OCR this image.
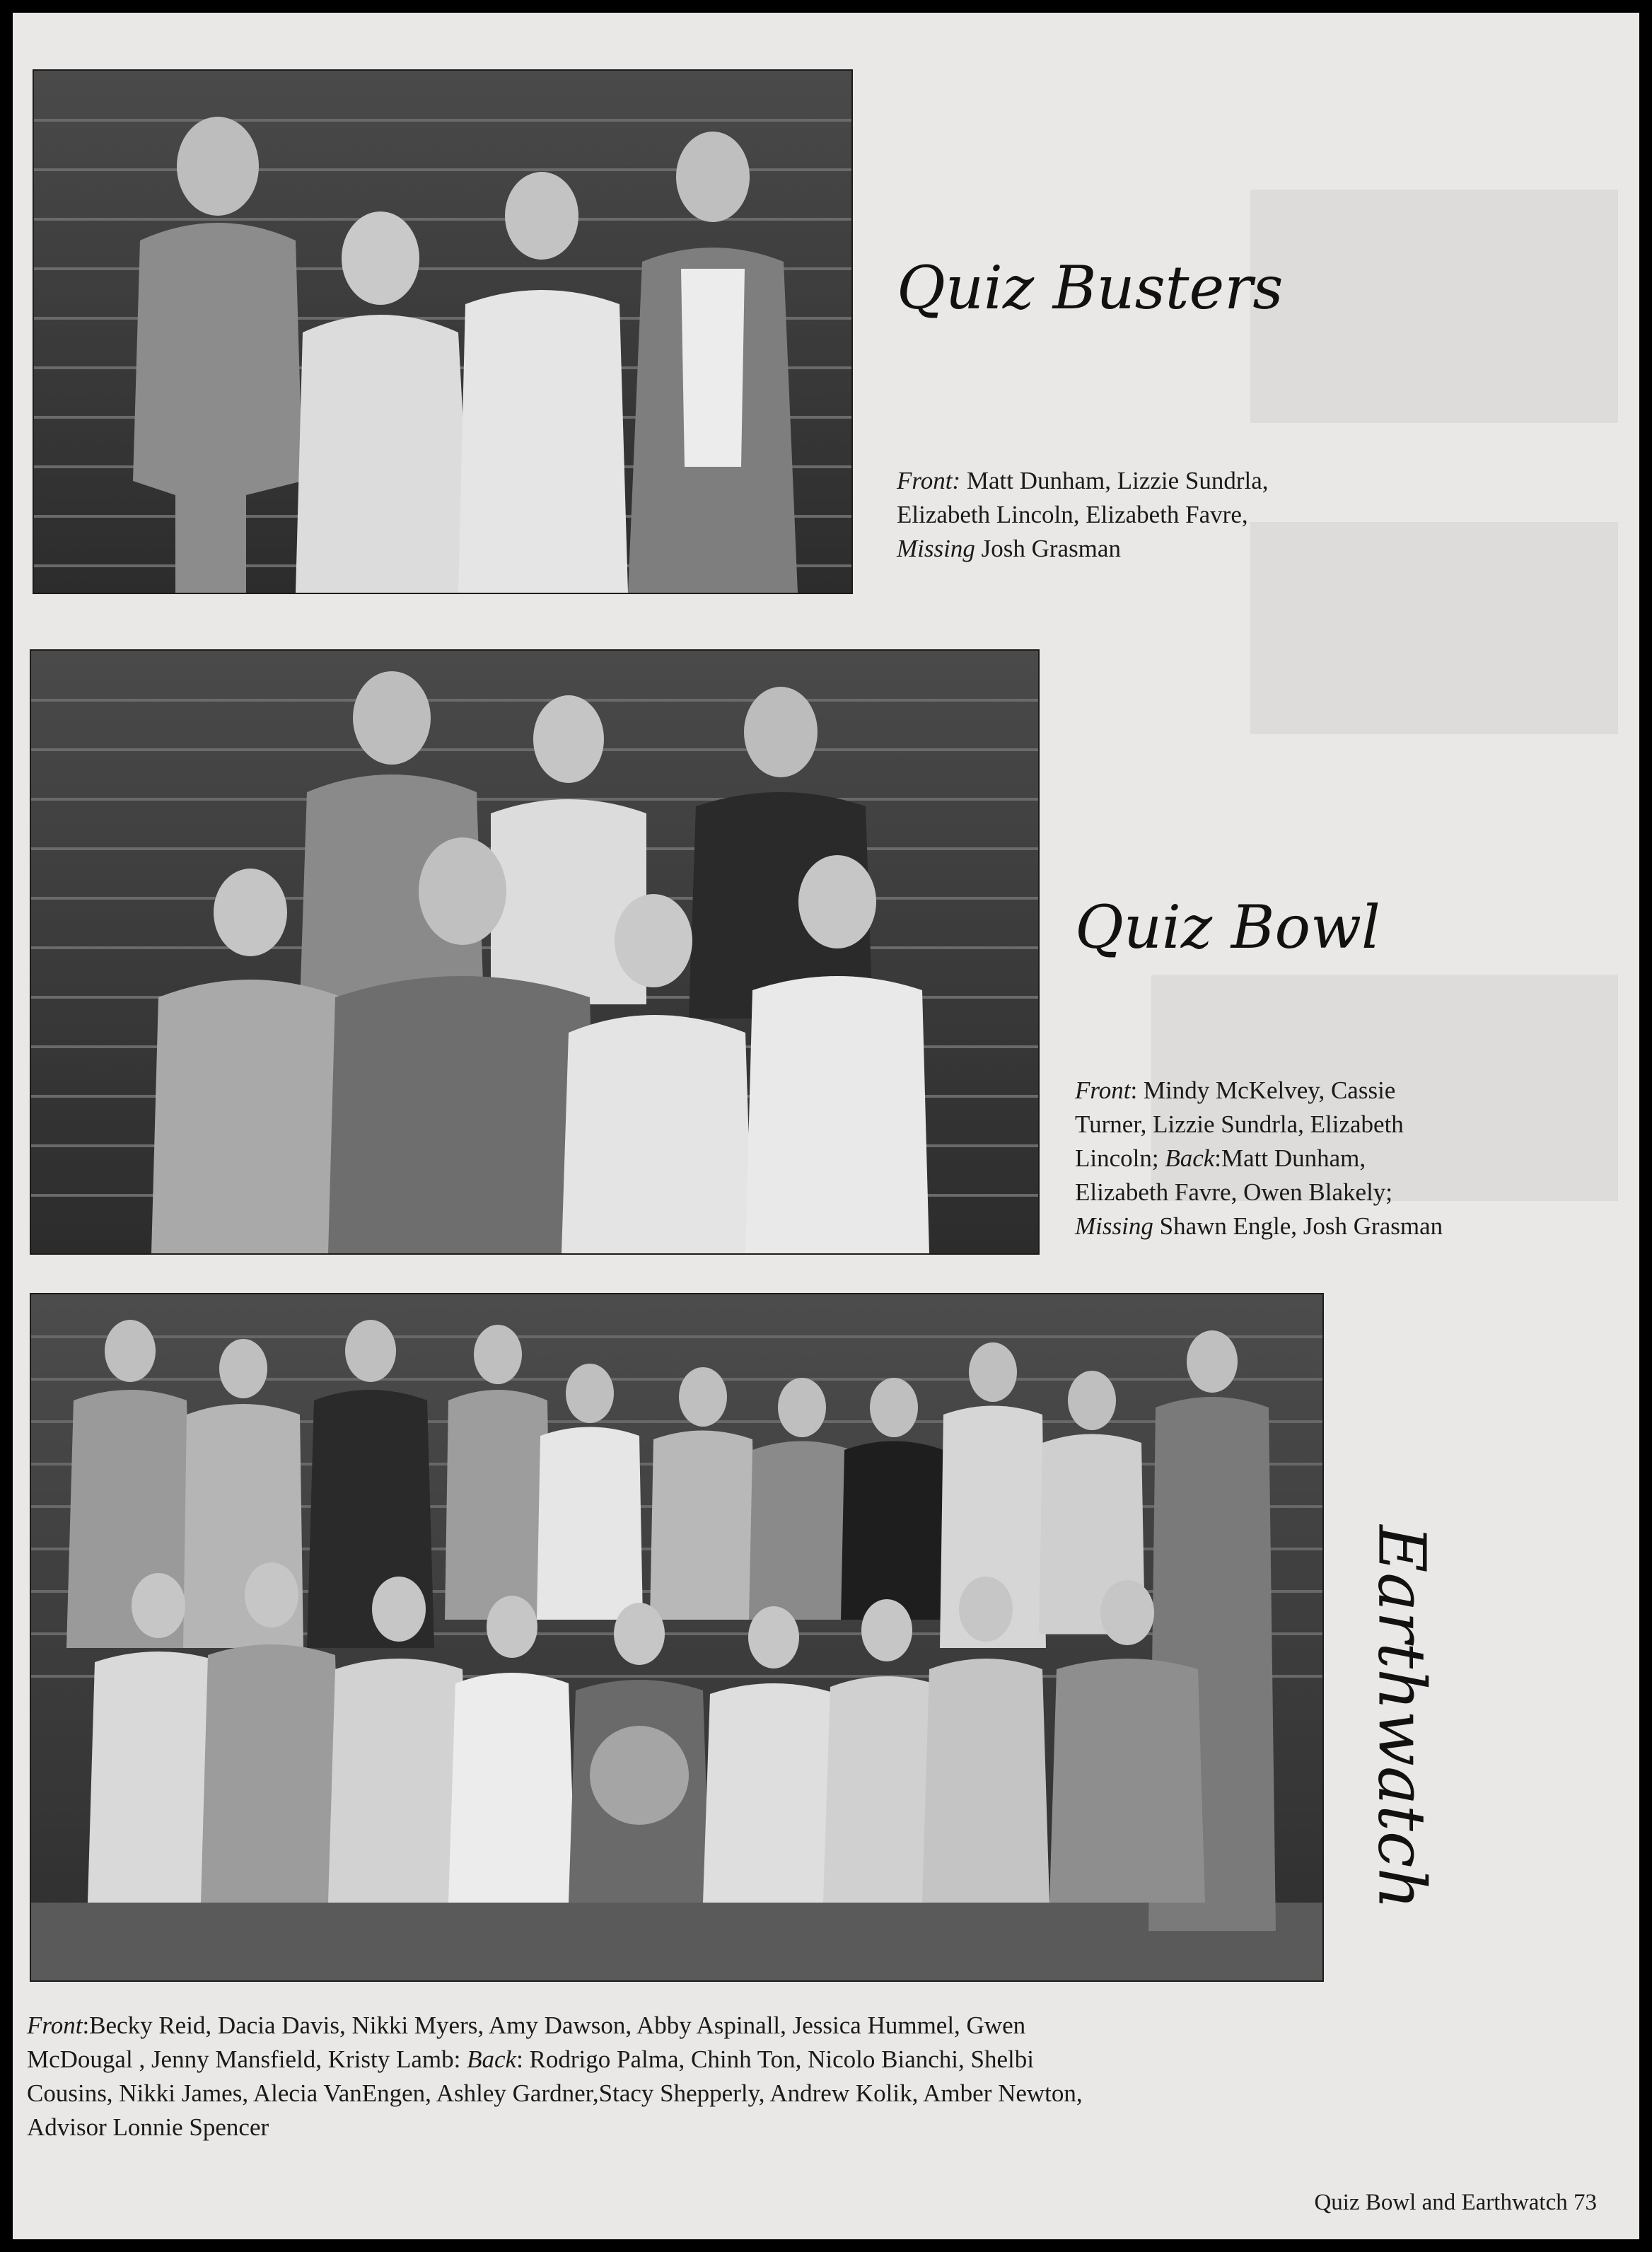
Quiz Busters
Front: Matt Dunham, Lizzie Sundrla,
Elizabeth Lincoln, Elizabeth Favre,
Missing Josh Grasman
Quiz Bowl
Front: Mindy McKelvey, Cassie
Turner, Lizzie Sundrla, Elizabeth
Lincoln; Back:Matt Dunham,
Elizabeth Favre, Owen Blakely;
Missing Shawn Engle, Josh Grasman
Earthwatch
Front:Becky Reid, Dacia Davis, Nikki Myers, Amy Dawson, Abby Aspinall, Jessica Hummel, Gwen
McDougal , Jenny Mansfield, Kristy Lamb: Back: Rodrigo Palma, Chinh Ton, Nicolo Bianchi, Shelbi
Cousins, Nikki James, Alecia VanEngen, Ashley Gardner,Stacy Shepperly, Andrew Kolik, Amber Newton,
Advisor Lonnie Spencer
Quiz Bowl and Earthwatch 73
